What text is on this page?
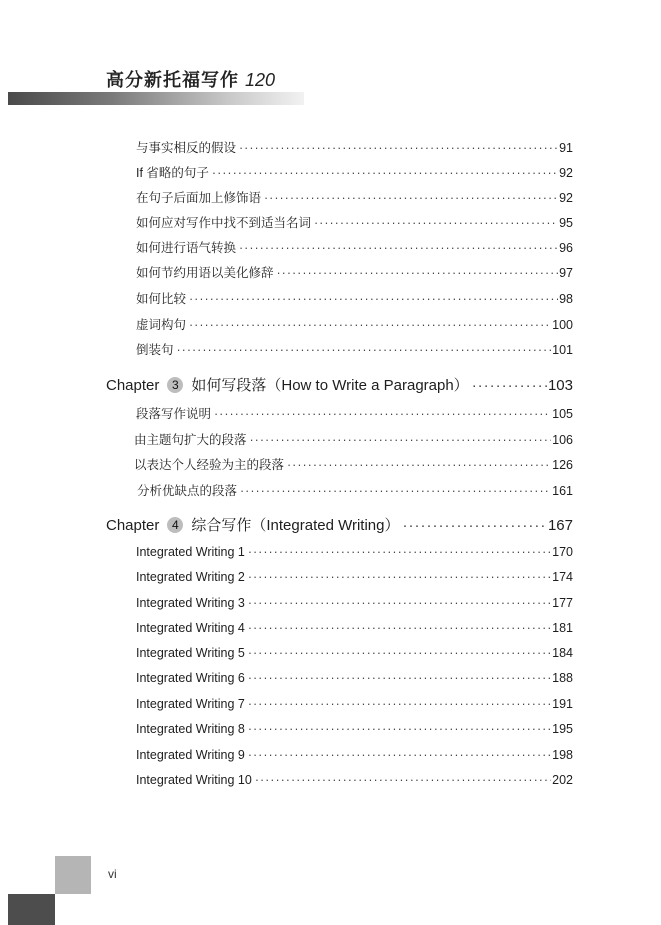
高分新托福写作 120
与事实相反的假设 ·····	91
If 省略的句子 ·····	92
在句子后面加上修饰语 ·····	92
如何应对写作中找不到适当名词 ·····	95
如何进行语气转换 ·····	96
如何节约用语以美化修辞 ·····	97
如何比较 ·····	98
虚词构句 ·····	100
倒装句 ·····	101
Chapter 3 如何写段落（How to Write a Paragraph） ·····	103
段落写作说明 ·····	105
由主题句扩大的段落 ·····	106
以表达个人经验为主的段落 ·····	126
分析优缺点的段落 ·····	161
Chapter 4 综合写作（Integrated Writing） ·····	167
Integrated Writing 1 ·····	170
Integrated Writing 2 ·····	174
Integrated Writing 3 ·····	177
Integrated Writing 4 ·····	181
Integrated Writing 5 ·····	184
Integrated Writing 6 ·····	188
Integrated Writing 7 ·····	191
Integrated Writing 8 ·····	195
Integrated Writing 9 ·····	198
Integrated Writing 10 ·····	202
vi
